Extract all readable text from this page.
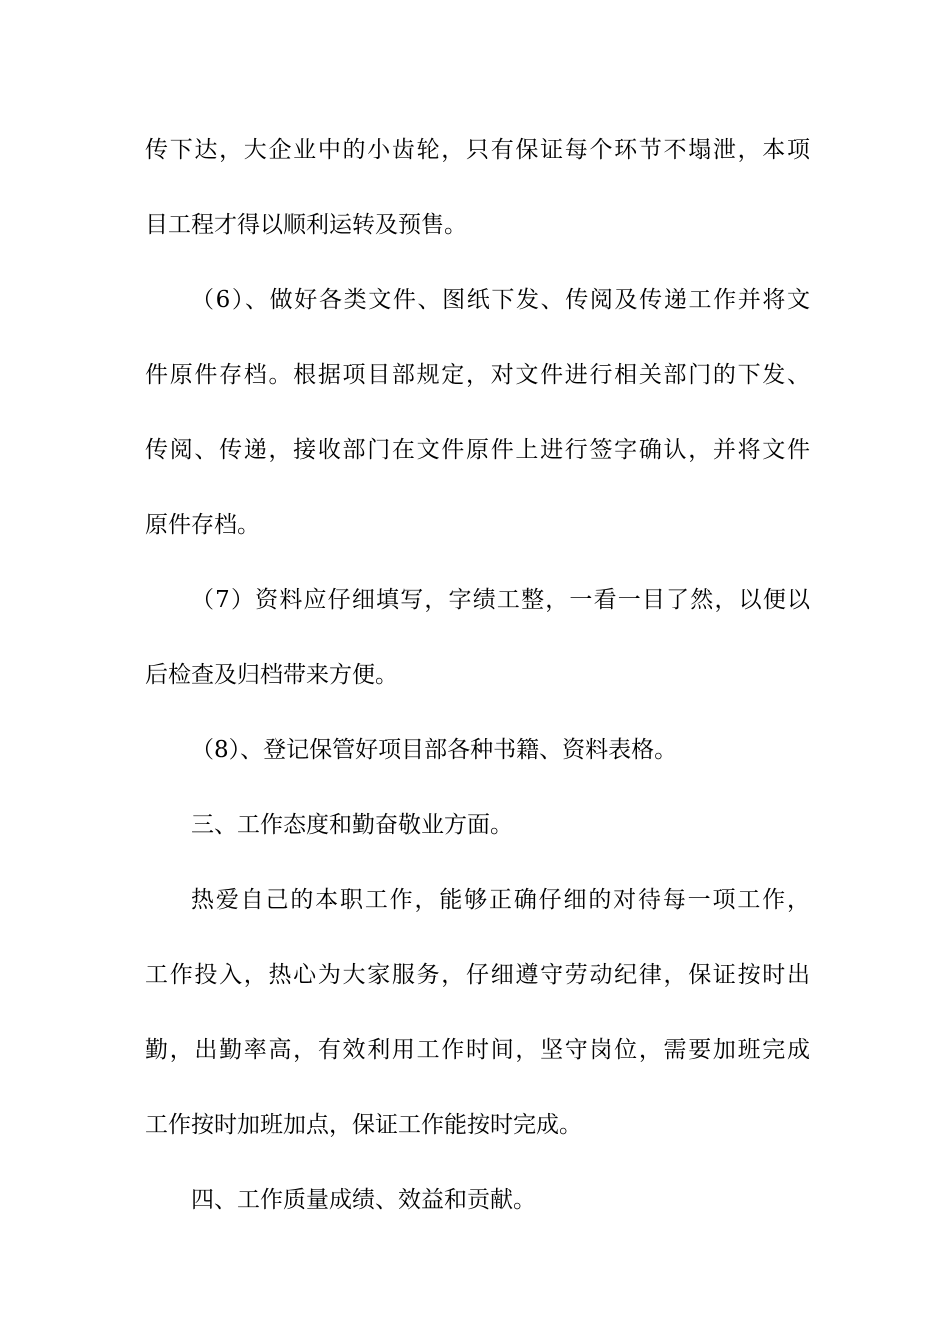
传下达，大企业中的小齿轮，只有保证每个环节不塌泄，本项
目工程才得以顺利运转及预售。
（6）、做好各类文件、图纸下发、传阅及传递工作并将文
件原件存档。根据项目部规定，对文件进行相关部门的下发、
传阅、传递，接收部门在文件原件上进行签字确认，并将文件
原件存档。
（7）资料应仔细填写，字绩工整，一看一目了然，以便以
后检查及归档带来方便。
（8）、登记保管好项目部各种书籍、资料表格。
三、工作态度和勤奋敬业方面。
热爱自己的本职工作，能够正确仔细的对待每一项工作，
工作投入，热心为大家服务，仔细遵守劳动纪律，保证按时出
勤，出勤率高，有效利用工作时间，坚守岗位，需要加班完成
工作按时加班加点，保证工作能按时完成。
四、工作质量成绩、效益和贡献。
